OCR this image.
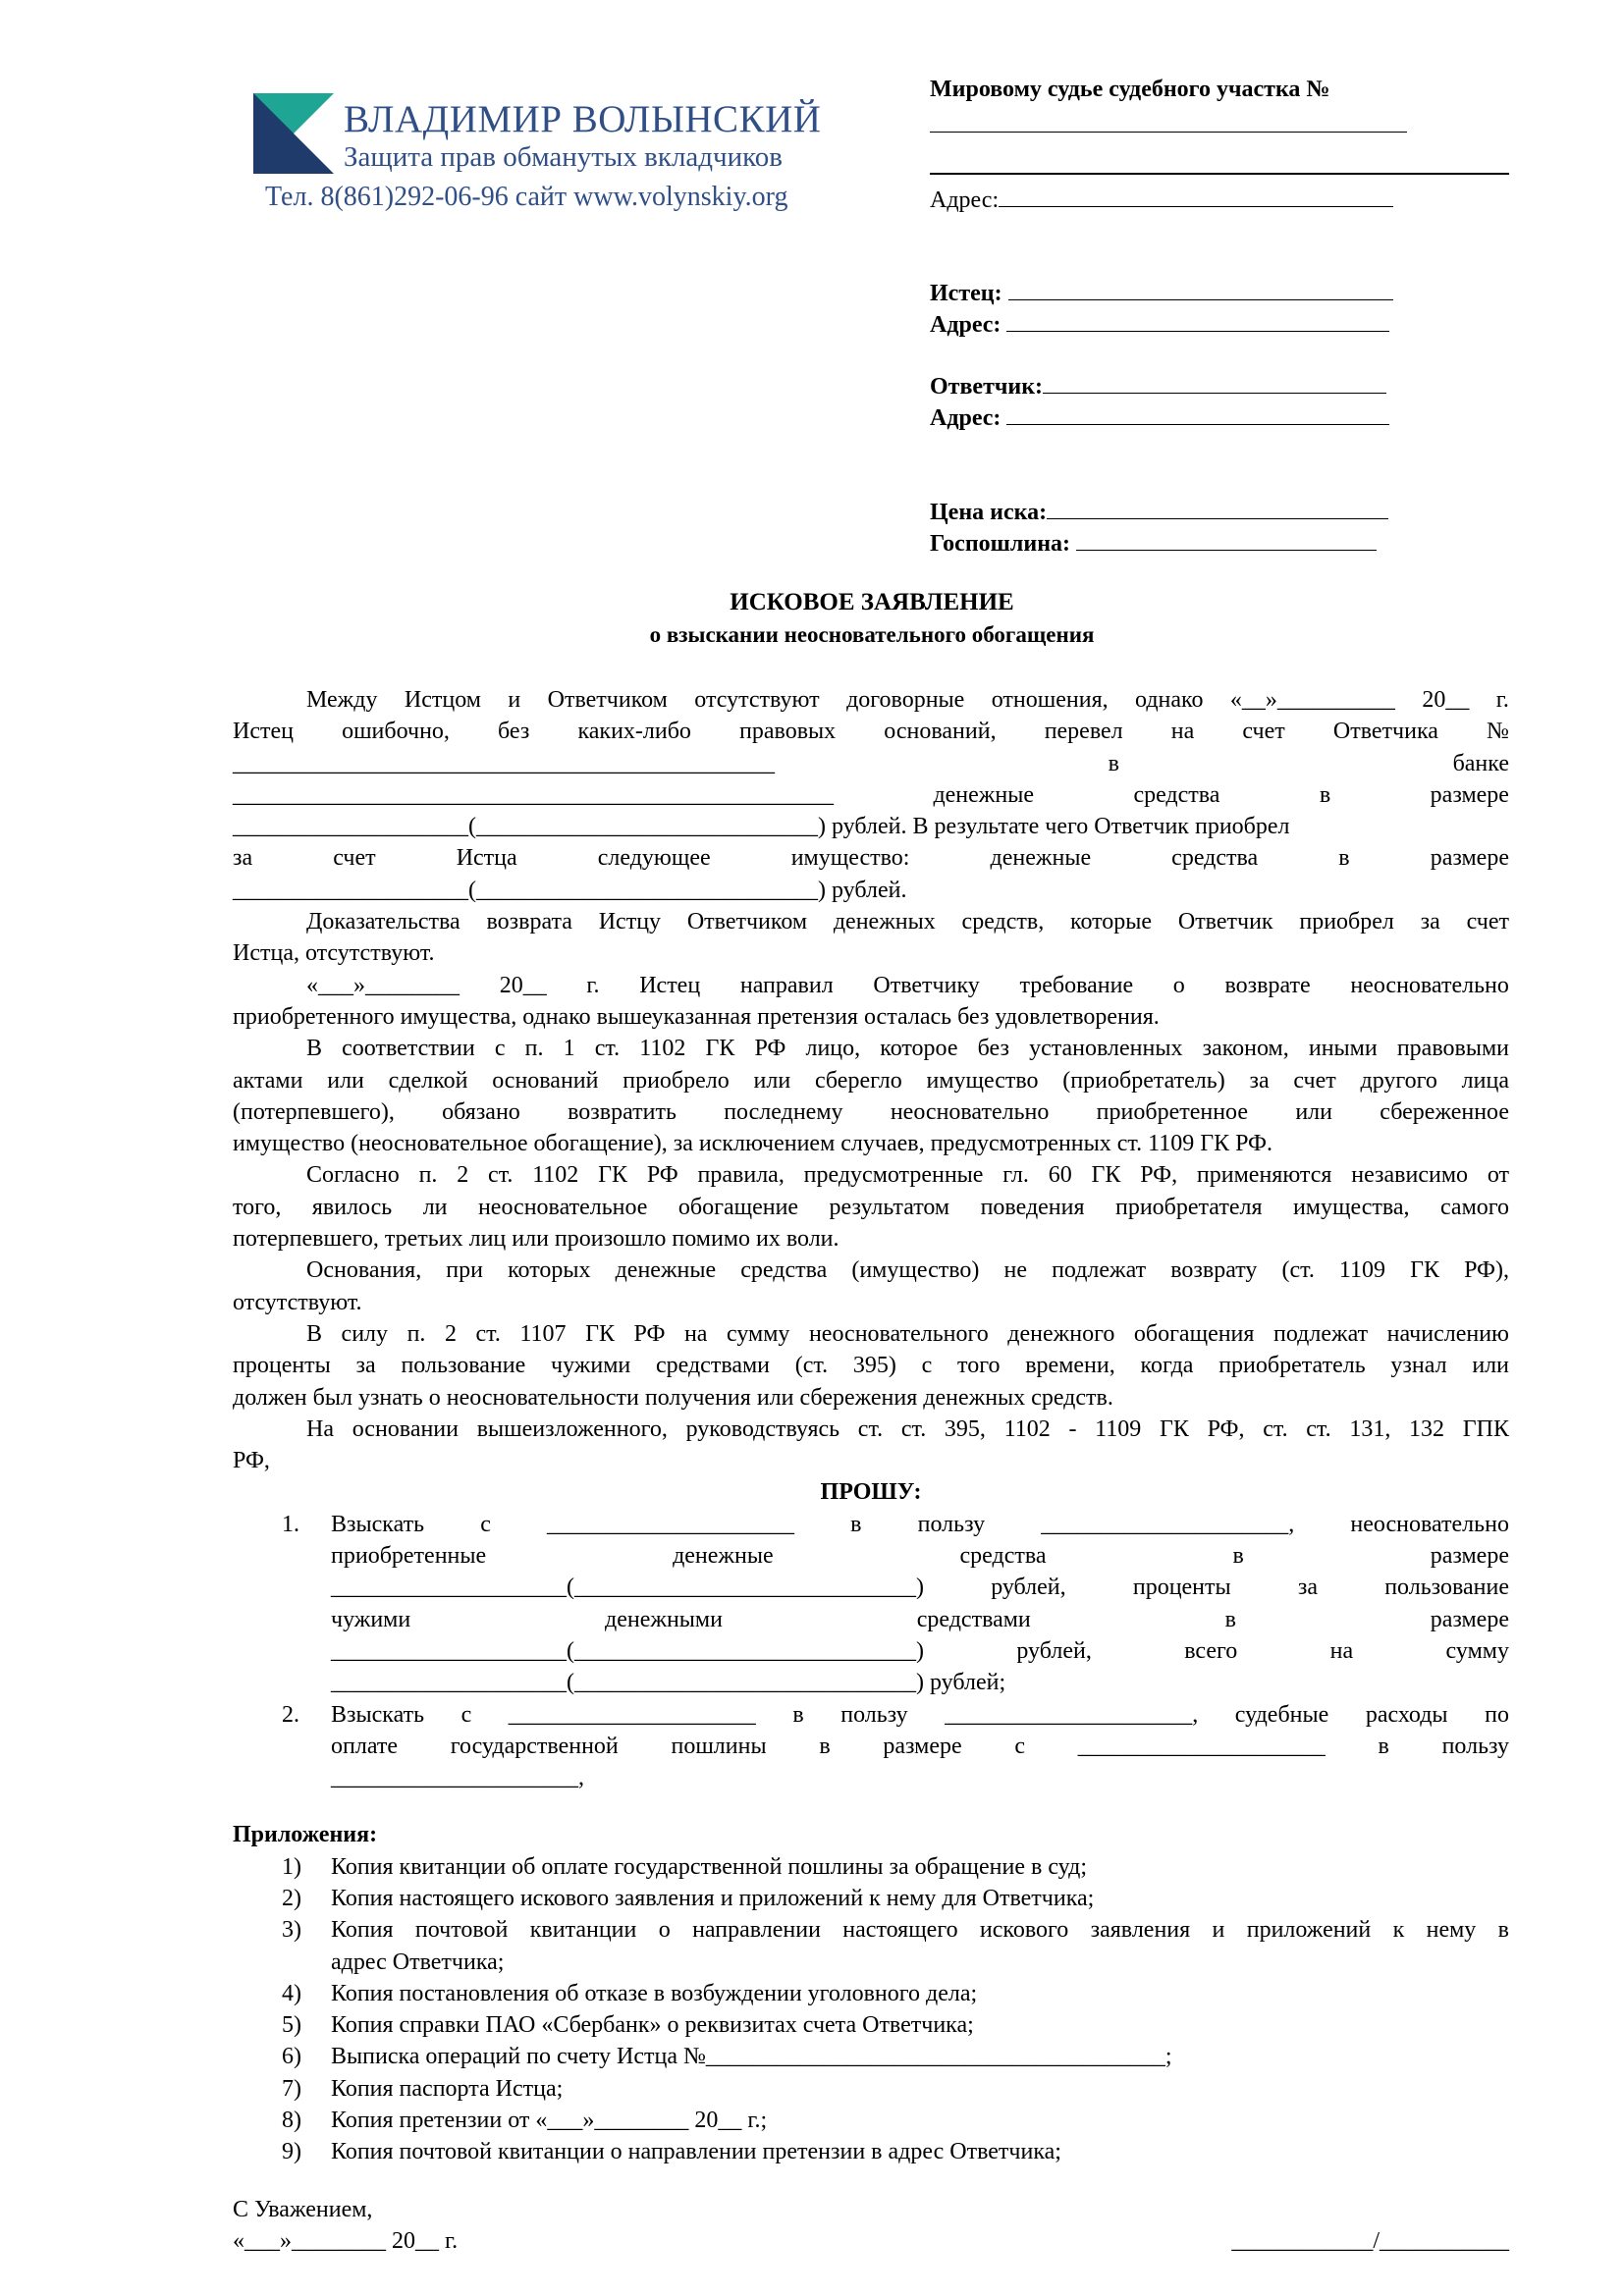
ВЛАДИМИР ВОЛЫНСКИЙ
Защита прав обманутых вкладчиков
Тел. 8(861)292-06-96 сайт www.volynskiy.org
Мировому судье судебного участка №
Адрес:
Истец:
Адрес:
Ответчик:
Адрес:
Цена иска:
Госпошлина:
ИСКОВОЕ ЗАЯВЛЕНИЕ
о взыскании неосновательного обогащения
Между Истцом и Ответчиком отсутствуют договорные отношения, однако «__»__________ 20__ г.
Истец ошибочно, без каких-либо правовых оснований, перевел на счет Ответчика №
______________________________________________	в	банке
___________________________________________________	денежные	средства	в	размере
____________________(_____________________________) рублей. В результате чего Ответчик приобрел
за	счет	Истца	следующее	имущество:	денежные	средства	в	размере
____________________(_____________________________) рублей.
Доказательства возврата Истцу Ответчиком денежных средств, которые Ответчик приобрел за счет
Истца, отсутствуют.
«___»________ 20__ г. Истец направил Ответчику требование о возврате неосновательно
приобретенного имущества, однако вышеуказанная претензия осталась без удовлетворения.
В соответствии с п. 1 ст. 1102 ГК РФ лицо, которое без установленных законом, иными правовыми
актами или сделкой оснований приобрело или сберегло имущество (приобретатель) за счет другого лица
(потерпевшего), обязано возвратить последнему неосновательно приобретенное или сбереженное
имущество (неосновательное обогащение), за исключением случаев, предусмотренных ст. 1109 ГК РФ.
Согласно п. 2 ст. 1102 ГК РФ правила, предусмотренные гл. 60 ГК РФ, применяются независимо от
того, явилось ли неосновательное обогащение результатом поведения приобретателя имущества, самого
потерпевшего, третьих лиц или произошло помимо их воли.
Основания, при которых денежные средства (имущество) не подлежат возврату (ст. 1109 ГК РФ),
отсутствуют.
В силу п. 2 ст. 1107 ГК РФ на сумму неосновательного денежного обогащения подлежат начислению
проценты за пользование чужими средствами (ст. 395) с того времени, когда приобретатель узнал или
должен был узнать о неосновательности получения или сбережения денежных средств.
На основании вышеизложенного, руководствуясь ст. ст. 395, 1102 - 1109 ГК РФ, ст. ст. 131, 132 ГПК
РФ,
ПРОШУ:
Взыскать с _____________________ в пользу _____________________, неосновательно
1.
приобретенные	денежные	средства	в	размере
____________________(_____________________________)	рублей,	проценты	за	пользование
чужими	денежными	средствами	в	размере
____________________(_____________________________)	рублей,	всего	на	сумму
____________________(_____________________________) рублей;
Взыскать с _____________________ в пользу _____________________, судебные расходы по
2.
оплате государственной пошлины в размере с _____________________ в пользу
_____________________,
Приложения:
Копия квитанции об оплате государственной пошлины за обращение в суд;
1)
Копия настоящего искового заявления и приложений к нему для Ответчика;
2)
Копия почтовой квитанции о направлении настоящего искового заявления и приложений к нему в
3)
адрес Ответчика;
Копия постановления об отказе в возбуждении уголовного дела;
4)
Копия справки ПАО «Сбербанк» о реквизитах счета Ответчика;
5)
Выписка операций по счету Истца №_______________________________________;
6)
Копия паспорта Истца;
7)
Копия претензии от «___»________ 20__ г.;
8)
Копия почтовой квитанции о направлении претензии в адрес Ответчика;
9)
С Уважением,
«___»________ 20__ г.	____________/___________
